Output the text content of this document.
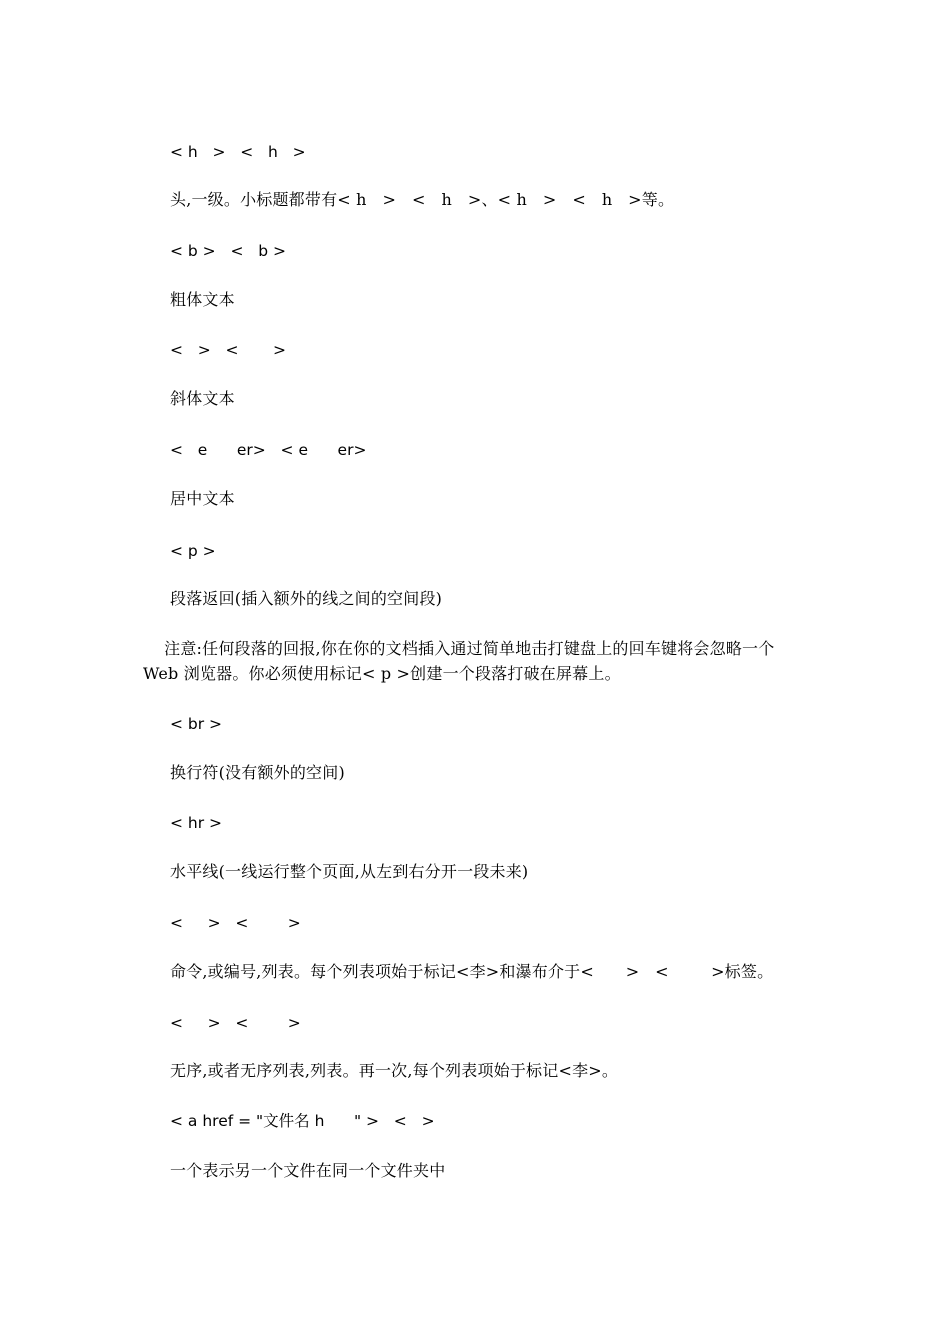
< h   >   <   h   >
头,一级。小标题都带有< h   >   <   h   >、< h   >   <   h   >等。
< b >   <   b >
粗体文本
<   >   <       >
斜体文本
<   e      er>   < e      er>
居中文本
< p >
段落返回(插入额外的线之间的空间段)
注意:任何段落的回报,你在你的文档插入通过简单地击打键盘上的回车键将会忽略一个
Web 浏览器。你必须使用标记< p >创建一个段落打破在屏幕上。
< br >
换行符(没有额外的空间)
< hr >
水平线(一线运行整个页面,从左到右分开一段未来)
<     >   <        >
命令,或编号,列表。每个列表项始于标记<李>和瀑布介于<      >   <        >标签。
<     >   <        >
无序,或者无序列表,列表。再一次,每个列表项始于标记<李>。
< a href = "文件名 h      " >   <   >
一个表示另一个文件在同一个文件夹中
